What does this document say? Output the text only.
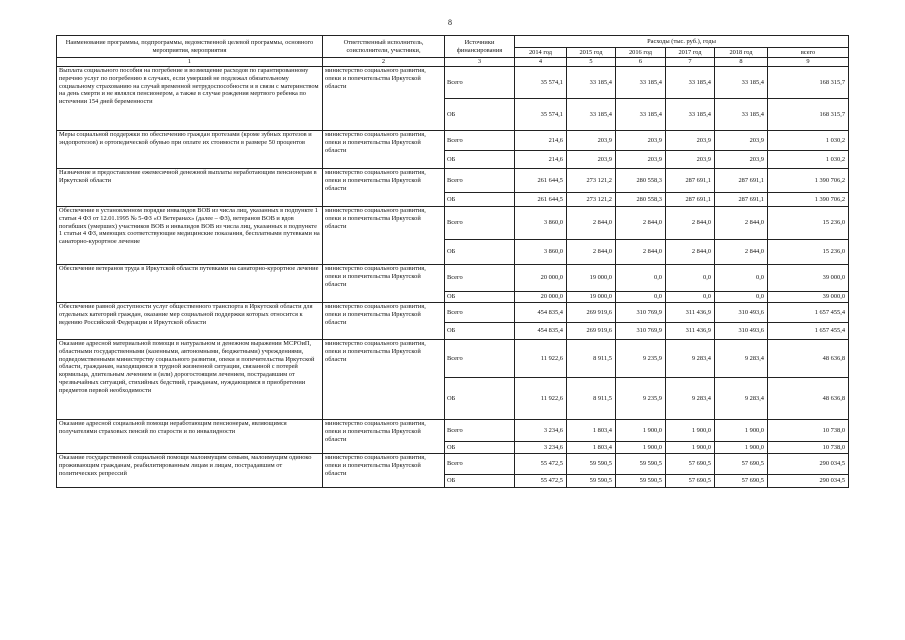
8
Наименование программы, подпрограммы, ведомственной целевой программы, основного мероприятия, мероприятия	Ответственный исполнитель, соисполнители, участники,	Источники финансирования	Расходы (тыс. руб.), годы					
			2014 год	2015 год	2016 год	2017 год	2018 год	всего
1	2	3	4	5	6	7	8	9
Выплата социального пособия на погребение и возмещение расходов по гарантированному перечню услуг по погребению в случаях, если умерший не подлежал обязательному социальному страхованию на случай временной нетрудоспособности и в связи с материнством на день смерти и не являлся пенсионером, а также в случае рождения мертвого ребенка по истечении 154 дней беременности	министерство социального развития, опеки и попечительства Иркутской области	Всего	35 574,1	33 185,4	33 185,4	33 185,4	33 185,4	168 315,7
		ОБ	35 574,1	33 185,4	33 185,4	33 185,4	33 185,4	168 315,7
Меры социальной поддержки по обеспечению граждан протезами (кроме зубных протезов и эндопротезов) и ортопедической обувью при оплате их стоимости в размере 50 процентов	министерство социального развития, опеки и попечительства Иркутской области	Всего	214,6	203,9	203,9	203,9	203,9	1 030,2
		ОБ	214,6	203,9	203,9	203,9	203,9	1 030,2
Назначение и предоставление ежемесячной денежной выплаты неработающим пенсионерам в Иркутской области	министерство социального развития, опеки и попечительства Иркутской области	Всего	261 644,5	273 121,2	280 558,3	287 691,1	287 691,1	1 390 706,2
		ОБ	261 644,5	273 121,2	280 558,3	287 691,1	287 691,1	1 390 706,2
Обеспечение в установленном порядке инвалидов ВОВ из числа лиц, указанных в подпункте 1 статьи 4 ФЗ от 12.01.1995 № 5-ФЗ «О Ветеранах» (далее – ФЗ), ветеранов ВОВ и вдов погибших (умерших) участников ВОВ и инвалидов ВОВ из числа лиц, указанных в подпункте 1 статьи 4 ФЗ, имеющих соответствующие медицинские показания, бесплатными путевками на санаторно-курортное лечение	министерство социального развития, опеки и попечительства Иркутской области	Всего	3 860,0	2 844,0	2 844,0	2 844,0	2 844,0	15 236,0
		ОБ	3 860,0	2 844,0	2 844,0	2 844,0	2 844,0	15 236,0
Обеспечение ветеранов труда в Иркутской области путевками на санаторно-курортное лечение	министерство социального развития, опеки и попечительства Иркутской области	Всего	20 000,0	19 000,0	0,0	0,0	0,0	39 000,0
		ОБ	20 000,0	19 000,0	0,0	0,0	0,0	39 000,0
Обеспечение равной доступности услуг общественного транспорта в Иркутской области для отдельных категорий граждан, оказание мер социальной поддержки которых относится к ведению Российской Федерации и Иркутской области	министерство социального развития, опеки и попечительства Иркутской области	Всего	454 835,4	269 919,6	310 769,9	311 436,9	310 493,6	1 657 455,4
		ОБ	454 835,4	269 919,6	310 769,9	311 436,9	310 493,6	1 657 455,4
Оказание адресной материальной помощи в натуральном и денежном выражении МСРОиП, областными государственными (казенными, автономными, бюджетными) учреждениями, подведомственными министерству социального развития, опеки и попечительства Иркутской области, гражданам, находящимся в трудной жизненной ситуации, связанной с потерей кормильца, длительным лечением и (или) дорогостоящим лечением, пострадавшим от чрезвычайных ситуаций, стихийных бедствий, гражданам, нуждающимся в приобретении предметов первой необходимости	министерство социального развития, опеки и попечительства Иркутской области	Всего	11 922,6	8 911,5	9 235,9	9 283,4	9 283,4	48 636,8
		ОБ	11 922,6	8 911,5	9 235,9	9 283,4	9 283,4	48 636,8
Оказание адресной социальной помощи неработающим пенсионерам, являющимся получателями страховых пенсий по старости и по инвалидности	министерство социального развития, опеки и попечительства Иркутской области	Всего	3 234,6	1 803,4	1 900,0	1 900,0	1 900,0	10 738,0
		ОБ	3 234,6	1 803,4	1 900,0	1 900,0	1 900,0	10 738,0
Оказание государственной социальной помощи малоимущим семьям, малоимущим одиноко проживающим гражданам, реабилитированным лицам и лицам, пострадавшим от политических репрессий	министерство социального развития, опеки и попечительства Иркутской области	Всего	55 472,5	59 590,5	59 590,5	57 690,5	57 690,5	290 034,5
		ОБ	55 472,5	59 590,5	59 590,5	57 690,5	57 690,5	290 034,5
